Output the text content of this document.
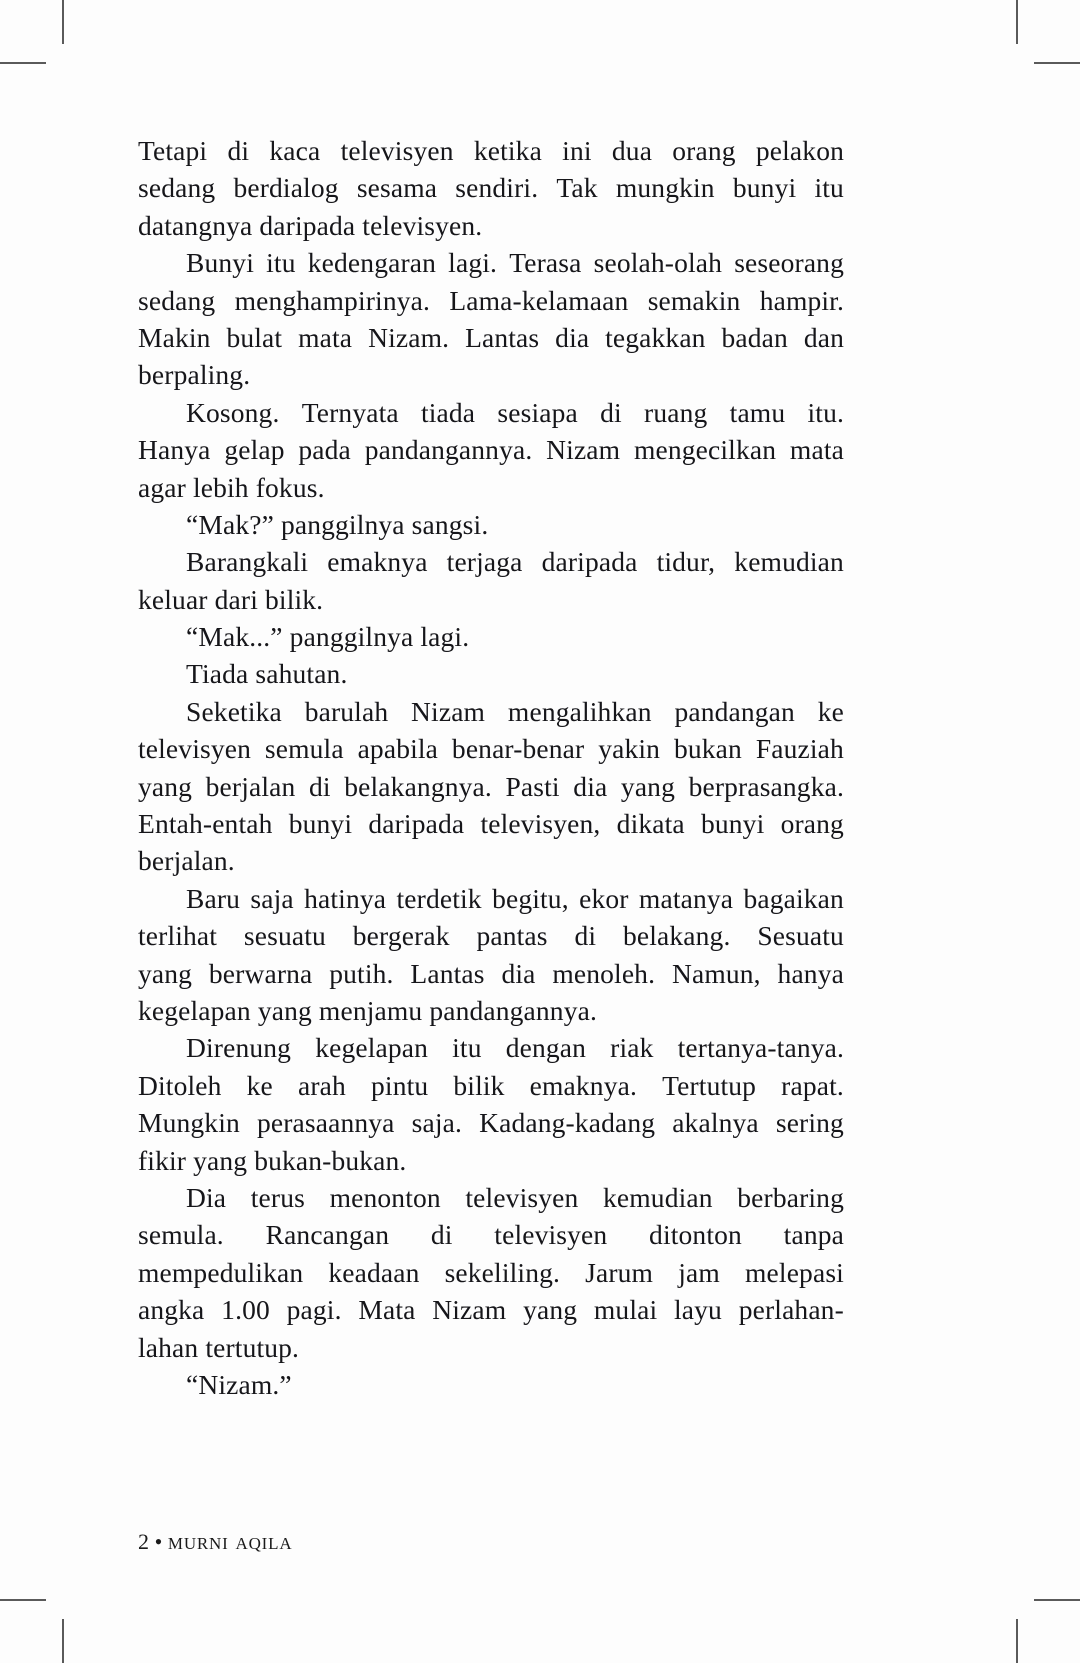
Tetapi di kaca televisyen ketika ini dua orang pelakon
sedang berdialog sesama sendiri. Tak mungkin bunyi itu
datangnya daripada televisyen.
Bunyi itu kedengaran lagi. Terasa seolah-olah seseorang
sedang menghampirinya. Lama-kelamaan semakin hampir.
Makin bulat mata Nizam. Lantas dia tegakkan badan dan
berpaling.
Kosong. Ternyata tiada sesiapa di ruang tamu itu.
Hanya gelap pada pandangannya. Nizam mengecilkan mata
agar lebih fokus.
“Mak?” panggilnya sangsi.
Barangkali emaknya terjaga daripada tidur, kemudian
keluar dari bilik.
“Mak...” panggilnya lagi.
Tiada sahutan.
Seketika barulah Nizam mengalihkan pandangan ke
televisyen semula apabila benar-benar yakin bukan Fauziah
yang berjalan di belakangnya. Pasti dia yang berprasangka.
Entah-entah bunyi daripada televisyen, dikata bunyi orang
berjalan.
Baru saja hatinya terdetik begitu, ekor matanya bagaikan
terlihat sesuatu bergerak pantas di belakang. Sesuatu
yang berwarna putih. Lantas dia menoleh. Namun, hanya
kegelapan yang menjamu pandangannya.
Direnung kegelapan itu dengan riak tertanya-tanya.
Ditoleh ke arah pintu bilik emaknya. Tertutup rapat.
Mungkin perasaannya saja. Kadang-kadang akalnya sering
fikir yang bukan-bukan.
Dia terus menonton televisyen kemudian berbaring
semula. Rancangan di televisyen ditonton tanpa
mempedulikan keadaan sekeliling. Jarum jam melepasi
angka 1.00 pagi. Mata Nizam yang mulai layu perlahan-
lahan tertutup.
“Nizam.”
2 • murni aqila
